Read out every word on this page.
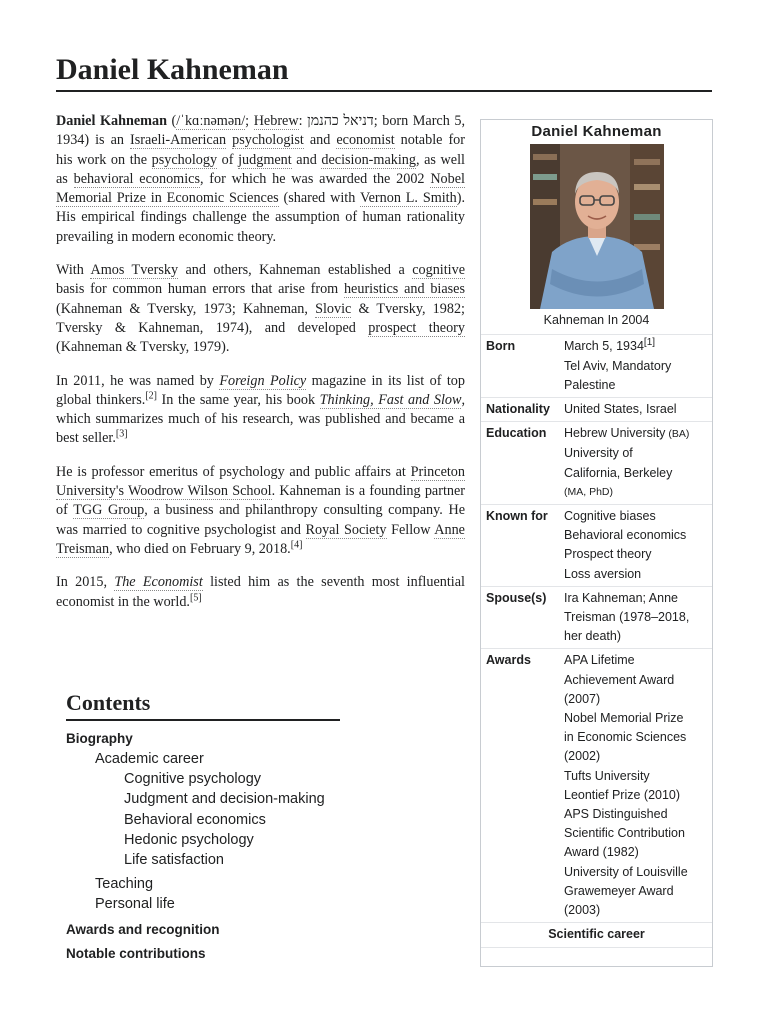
Daniel Kahneman

Daniel Kahneman (/ˈkɑːnəmən/; Hebrew: דניאל כהנמן; born March 5, 1934) is an Israeli-American psychologist and economist notable for his work on the psychology of judgment and decision-making, as well as behavioral economics, for which he was awarded the 2002 Nobel Memorial Prize in Economic Sciences (shared with Vernon L. Smith). His empirical findings challenge the assumption of human rationality prevailing in modern economic theory.

With Amos Tversky and others, Kahneman established a cognitive basis for common human errors that arise from heuristics and biases (Kahneman & Tversky, 1973; Kahneman, Slovic & Tversky, 1982; Tversky & Kahneman, 1974), and developed prospect theory (Kahneman & Tversky, 1979).

In 2011, he was named by Foreign Policy magazine in its list of top global thinkers.[2] In the same year, his book Thinking, Fast and Slow, which summarizes much of his research, was published and became a best seller.[3]

He is professor emeritus of psychology and public affairs at Princeton University's Woodrow Wilson School. Kahneman is a founding partner of TGG Group, a business and philanthropy consulting company. He was married to cognitive psychologist and Royal Society Fellow Anne Treisman, who died on February 9, 2018.[4]

In 2015, The Economist listed him as the seventh most influential economist in the world.[5]

Daniel Kahneman
Kahneman In 2004
Born	March 5, 1934[1]
Tel Aviv, Mandatory
Palestine
Nationality	United States, Israel
Education	Hebrew University (BA)
University of
California, Berkeley
(MA, PhD)
Known for	Cognitive biases
Behavioral economics
Prospect theory
Loss aversion
Spouse(s)	Ira Kahneman; Anne
Treisman (1978–2018,
her death)
Awards	APA Lifetime
Achievement Award
(2007)
Nobel Memorial Prize
in Economic Sciences
(2002)
Tufts University
Leontief Prize (2010)
APS Distinguished
Scientific Contribution
Award (1982)
University of Louisville
Grawemeyer Award
(2003)
Scientific career
Contents
Biography
Academic career
Cognitive psychology
Judgment and decision-making
Behavioral economics
Hedonic psychology
Life satisfaction
Teaching
Personal life
Awards and recognition
Notable contributions
